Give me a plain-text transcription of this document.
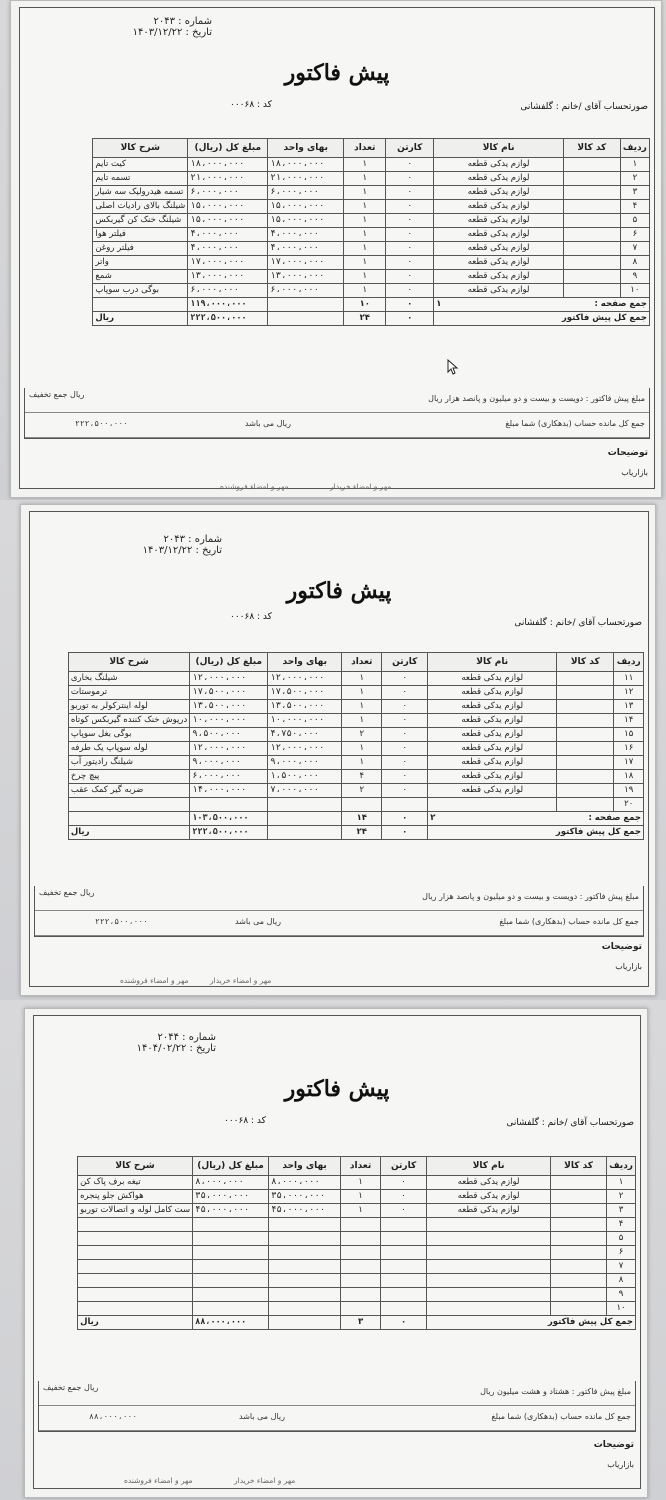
شماره : ۲۰۴۳
تاریخ : ۱۴۰۳/۱۲/۲۲
پیش فاکتور
صورتحساب آقای /خانم : گلفشانی
کد : ۰۰۰۶۸
ردیف	کد کالا	نام کالا	کارتن	تعداد	بهای واحد	مبلغ کل (ریال)	شرح کالا
۱		لوازم یدکی قطعه	۰	۱	۱۸،۰۰۰،۰۰۰	۱۸،۰۰۰،۰۰۰	کیت تایم
۲		لوازم یدکی قطعه	۰	۱	۲۱،۰۰۰،۰۰۰	۲۱،۰۰۰،۰۰۰	تسمه تایم
۳		لوازم یدکی قطعه	۰	۱	۶،۰۰۰،۰۰۰	۶،۰۰۰،۰۰۰	تسمه هیدرولیک سه شیار
۴		لوازم یدکی قطعه	۰	۱	۱۵،۰۰۰،۰۰۰	۱۵،۰۰۰،۰۰۰	شیلنگ بالای رادیات اصلی
۵		لوازم یدکی قطعه	۰	۱	۱۵،۰۰۰،۰۰۰	۱۵،۰۰۰،۰۰۰	شیلنگ خنک کن گیربکس
۶		لوازم یدکی قطعه	۰	۱	۴،۰۰۰،۰۰۰	۴،۰۰۰،۰۰۰	فیلتر هوا
۷		لوازم یدکی قطعه	۰	۱	۴،۰۰۰،۰۰۰	۴،۰۰۰،۰۰۰	فیلتر روغن
۸		لوازم یدکی قطعه	۰	۱	۱۷،۰۰۰،۰۰۰	۱۷،۰۰۰،۰۰۰	واتر
۹		لوازم یدکی قطعه	۰	۱	۱۳،۰۰۰،۰۰۰	۱۳،۰۰۰،۰۰۰	شمع
۱۰		لوازم یدکی قطعه	۰	۱	۶،۰۰۰،۰۰۰	۶،۰۰۰،۰۰۰	بوگی درب سوپاپ
جمع صفحه : ۱			۰	۱۰		۱۱۹،۰۰۰،۰۰۰	
جمع کل پیش فاکتور			۰	۲۴		۲۲۲،۵۰۰،۰۰۰	ریال
مبلغ پیش فاکتور : دویست و بیست و دو میلیون و پانصد هزار ریال
ریال جمع تخفیف
جمع کل مانده حساب (بدهکاری) شما مبلغ
ریال می باشد
۲۲۲،۵۰۰،۰۰۰
توضیحات
بازاریاب
مهر و امضاء خریدار
مهر و امضاء فروشنده
شماره : ۲۰۴۳
تاریخ : ۱۴۰۳/۱۲/۲۲
پیش فاکتور
صورتحساب آقای /خانم : گلفشانی
کد : ۰۰۰۶۸
ردیف	کد کالا	نام کالا	کارتن	تعداد	بهای واحد	مبلغ کل (ریال)	شرح کالا
۱۱		لوازم یدکی قطعه	۰	۱	۱۲،۰۰۰،۰۰۰	۱۲،۰۰۰،۰۰۰	شیلنگ بخاری
۱۲		لوازم یدکی قطعه	۰	۱	۱۷،۵۰۰،۰۰۰	۱۷،۵۰۰،۰۰۰	ترموستات
۱۳		لوازم یدکی قطعه	۰	۱	۱۳،۵۰۰،۰۰۰	۱۳،۵۰۰،۰۰۰	لوله اینترکولر به توربو
۱۴		لوازم یدکی قطعه	۰	۱	۱۰،۰۰۰،۰۰۰	۱۰،۰۰۰،۰۰۰	درپوش خنک کننده گیربکس کوتاه
۱۵		لوازم یدکی قطعه	۰	۲	۴،۷۵۰،۰۰۰	۹،۵۰۰،۰۰۰	بوگی بغل سوپاپ
۱۶		لوازم یدکی قطعه	۰	۱	۱۲،۰۰۰،۰۰۰	۱۲،۰۰۰،۰۰۰	لوله سوپاپ یک طرفه
۱۷		لوازم یدکی قطعه	۰	۱	۹،۰۰۰،۰۰۰	۹،۰۰۰،۰۰۰	شیلنگ رادیتور آب
۱۸		لوازم یدکی قطعه	۰	۴	۱،۵۰۰،۰۰۰	۶،۰۰۰،۰۰۰	پیچ چرخ
۱۹		لوازم یدکی قطعه	۰	۲	۷،۰۰۰،۰۰۰	۱۴،۰۰۰،۰۰۰	ضربه گیر کمک عقب
۲۰							
جمع صفحه : ۲			۰	۱۴		۱۰۳،۵۰۰،۰۰۰	
جمع کل پیش فاکتور			۰	۲۴		۲۲۲،۵۰۰،۰۰۰	ریال
مبلغ پیش فاکتور : دویست و بیست و دو میلیون و پانصد هزار ریال
ریال جمع تخفیف
جمع کل مانده حساب (بدهکاری) شما مبلغ
ریال می باشد
۲۲۲،۵۰۰،۰۰۰
توضیحات
بازاریاب
مهر و امضاء خریدار
مهر و امضاء فروشنده
شماره : ۲۰۴۴
تاریخ : ۱۴۰۴/۰۲/۲۲
پیش فاکتور
صورتحساب آقای /خانم : گلفشانی
کد : ۰۰۰۶۸
ردیف	کد کالا	نام کالا	کارتن	تعداد	بهای واحد	مبلغ کل (ریال)	شرح کالا
۱		لوازم یدکی قطعه	۰	۱	۸،۰۰۰،۰۰۰	۸،۰۰۰،۰۰۰	تیغه برف پاک کن
۲		لوازم یدکی قطعه	۰	۱	۳۵،۰۰۰،۰۰۰	۳۵،۰۰۰،۰۰۰	هواکش جلو پنجره
۳		لوازم یدکی قطعه	۰	۱	۴۵،۰۰۰،۰۰۰	۴۵،۰۰۰،۰۰۰	ست کامل لوله و اتصالات توربو
۴							
۵							
۶							
۷							
۸							
۹							
۱۰							
جمع کل پیش فاکتور			۰	۳		۸۸،۰۰۰،۰۰۰	ریال
مبلغ پیش فاکتور : هشتاد و هشت میلیون ریال
ریال جمع تخفیف
جمع کل مانده حساب (بدهکاری) شما مبلغ
ریال می باشد
۸۸،۰۰۰،۰۰۰
توضیحات
بازاریاب
مهر و امضاء خریدار
مهر و امضاء فروشنده
